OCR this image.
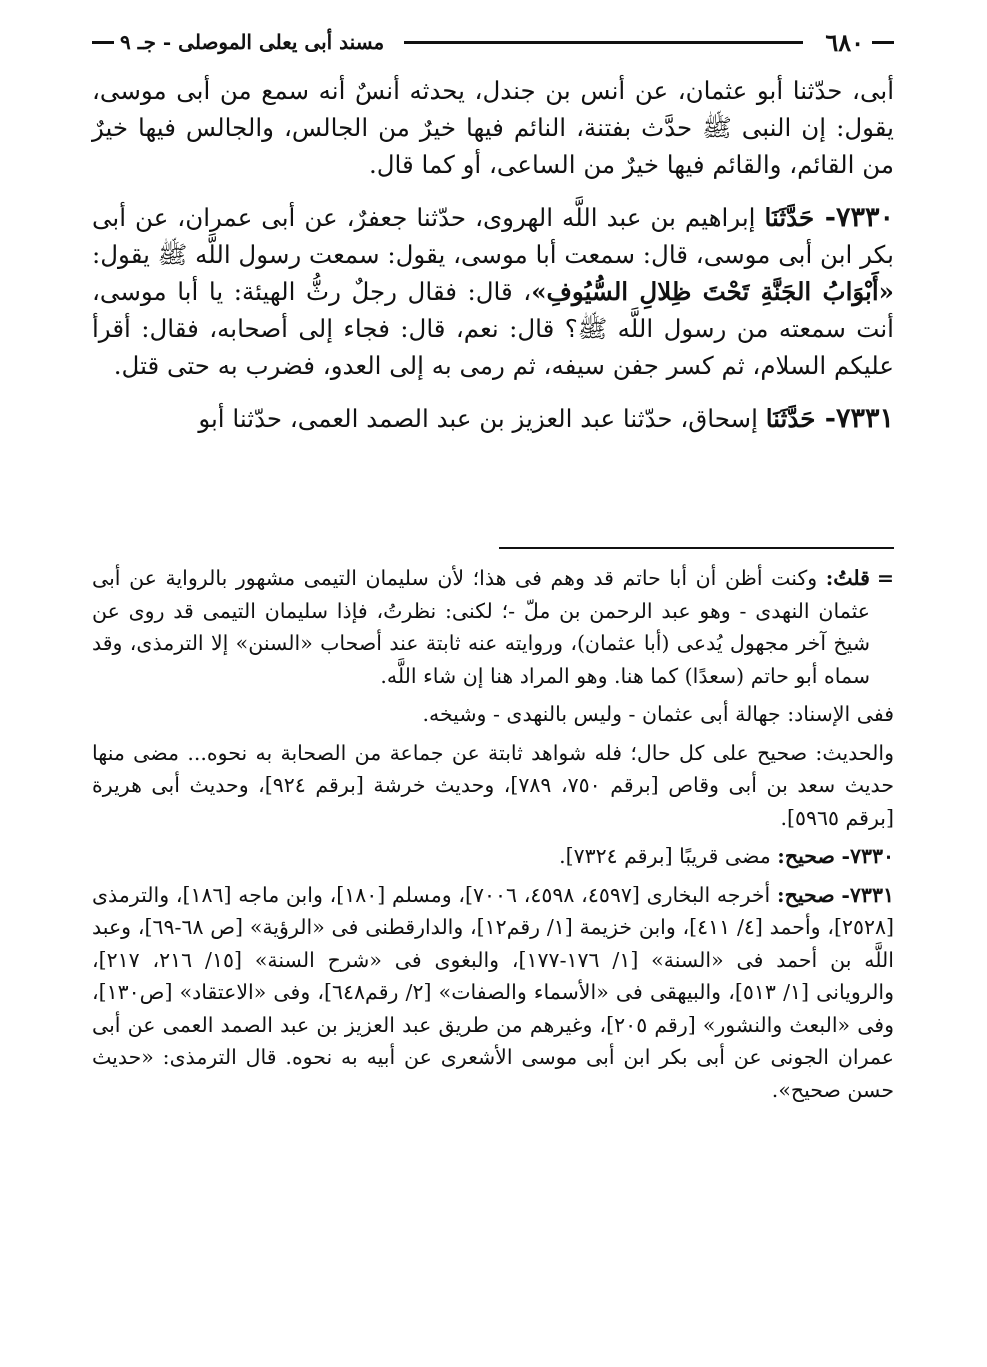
٦٨٠
مسند أبى يعلى الموصلى - جـ ٩

أبى، حدّثنا أبو عثمان، عن أنس بن جندل، يحدثه أنسٌ أنه سمع من أبى موسى، يقول: إن النبى ﷺ حدَّث بفتنة، النائم فيها خيرٌ من الجالس، والجالس فيها خيرٌ من القائم، والقائم فيها خيرٌ من الساعى، أو كما قال.

٧٣٣٠- حَدَّثَنَا إبراهيم بن عبد اللَّه الهروى، حدّثنا جعفرٌ، عن أبى عمران، عن أبى بكر ابن أبى موسى، قال: سمعت أبا موسى، يقول: سمعت رسول اللَّه ﷺ يقول: «أَبْوَابُ الجَنَّةِ تَحْتَ ظِلالِ السُّيُوفِ»، قال: فقال رجلٌ رثُّ الهيئة: يا أبا موسى، أنت سمعته من رسول اللَّه ﷺ؟ قال: نعم، قال: فجاء إلى أصحابه، فقال: أقرأ عليكم السلام، ثم كسر جفن سيفه، ثم رمى به إلى العدو، فضرب به حتى قتل.

٧٣٣١- حَدَّثَنَا إسحاق، حدّثنا عبد العزيز بن عبد الصمد العمى، حدّثنا أبو

=
قلتُ: وكنت أظن أن أبا حاتم قد وهم فى هذا؛ لأن سليمان التيمى مشهور بالرواية عن أبى عثمان النهدى - وهو عبد الرحمن بن ملّ -؛ لكنى: نظرتُ، فإذا سليمان التيمى قد روى عن شيخ آخر مجهول يُدعى (أبا عثمان)، وروايته عنه ثابتة عند أصحاب «السنن» إلا الترمذى، وقد سماه أبو حاتم (سعدًا) كما هنا. وهو المراد هنا إن شاء اللَّه.

ففى الإسناد: جهالة أبى عثمان - وليس بالنهدى - وشيخه.

والحديث: صحيح على كل حال؛ فله شواهد ثابتة عن جماعة من الصحابة به نحوه... مضى منها حديث سعد بن أبى وقاص [برقم ٧٥٠، ٧٨٩]، وحديث خرشة [برقم ٩٢٤]، وحديث أبى هريرة [برقم ٥٩٦٥].

٧٣٣٠- صحيح: مضى قريبًا [برقم ٧٣٢٤].

٧٣٣١- صحيح: أخرجه البخارى [٤٥٩٧، ٤٥٩٨، ٧٠٠٦]، ومسلم [١٨٠]، وابن ماجه [١٨٦]، والترمذى [٢٥٢٨]، وأحمد [٤/ ٤١١]، وابن خزيمة [١/ رقم١٢]، والدارقطنى فى «الرؤية» [ص ٦٨-٦٩]، وعبد اللَّه بن أحمد فى «السنة» [١/ ١٧٦-١٧٧]، والبغوى فى «شرح السنة» [١٥/ ٢١٦، ٢١٧]، والرويانى [١/ ٥١٣]، والبيهقى فى «الأسماء والصفات» [٢/ رقم٦٤٨]، وفى «الاعتقاد» [ص١٣٠]، وفى «البعث والنشور» [رقم ٢٠٥]، وغيرهم من طريق عبد العزيز بن عبد الصمد العمى عن أبى عمران الجونى عن أبى بكر ابن أبى موسى الأشعرى عن أبيه به نحوه. قال الترمذى: «حديث حسن صحيح».
